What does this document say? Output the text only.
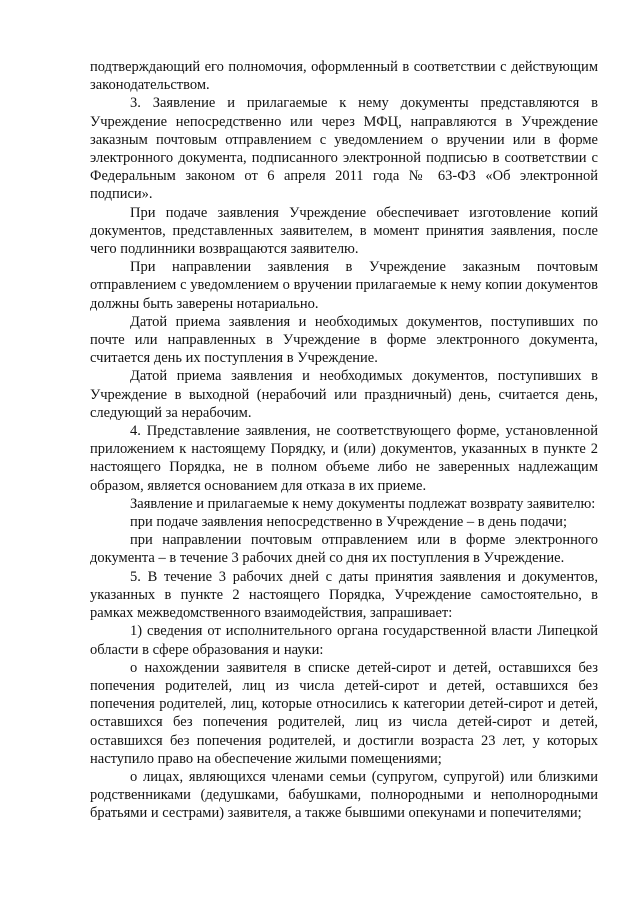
подтверждающий его полномочия, оформленный в соответствии с действующим законодательством.

3. Заявление и прилагаемые к нему документы представляются в Учреждение непосредственно или через МФЦ, направляются в Учреждение заказным почтовым отправлением с уведомлением о вручении или в форме электронного документа, подписанного электронной подписью в соответствии с Федеральным законом от 6 апреля 2011 года № 63-ФЗ «Об электронной подписи».

При подаче заявления Учреждение обеспечивает изготовление копий документов, представленных заявителем, в момент принятия заявления, после чего подлинники возвращаются заявителю.

При направлении заявления в Учреждение заказным почтовым отправлением с уведомлением о вручении прилагаемые к нему копии документов должны быть заверены нотариально.

Датой приема заявления и необходимых документов, поступивших по почте или направленных в Учреждение в форме электронного документа, считается день их поступления в Учреждение.

Датой приема заявления и необходимых документов, поступивших в Учреждение в выходной (нерабочий или праздничный) день, считается день, следующий за нерабочим.

4. Представление заявления, не соответствующего форме, установленной приложением к настоящему Порядку, и (или) документов, указанных в пункте 2 настоящего Порядка, не в полном объеме либо не заверенных надлежащим образом, является основанием для отказа в их приеме.

Заявление и прилагаемые к нему документы подлежат возврату заявителю:

при подаче заявления непосредственно в Учреждение – в день подачи;

при направлении почтовым отправлением или в форме электронного документа – в течение 3 рабочих дней со дня их поступления в Учреждение.

5. В течение 3 рабочих дней с даты принятия заявления и документов, указанных в пункте 2 настоящего Порядка, Учреждение самостоятельно, в рамках межведомственного взаимодействия, запрашивает:

1) сведения от исполнительного органа государственной власти Липецкой области в сфере образования и науки:

о нахождении заявителя в списке детей-сирот и детей, оставшихся без попечения родителей, лиц из числа детей-сирот и детей, оставшихся без попечения родителей, лиц, которые относились к категории детей-сирот и детей, оставшихся без попечения родителей, лиц из числа детей-сирот и детей, оставшихся без попечения родителей, и достигли возраста 23 лет, у которых наступило право на обеспечение жилыми помещениями;

о лицах, являющихся членами семьи (супругом, супругой) или близкими родственниками (дедушками, бабушками, полнородными и неполнородными братьями и сестрами) заявителя, а также бывшими опекунами и попечителями;
